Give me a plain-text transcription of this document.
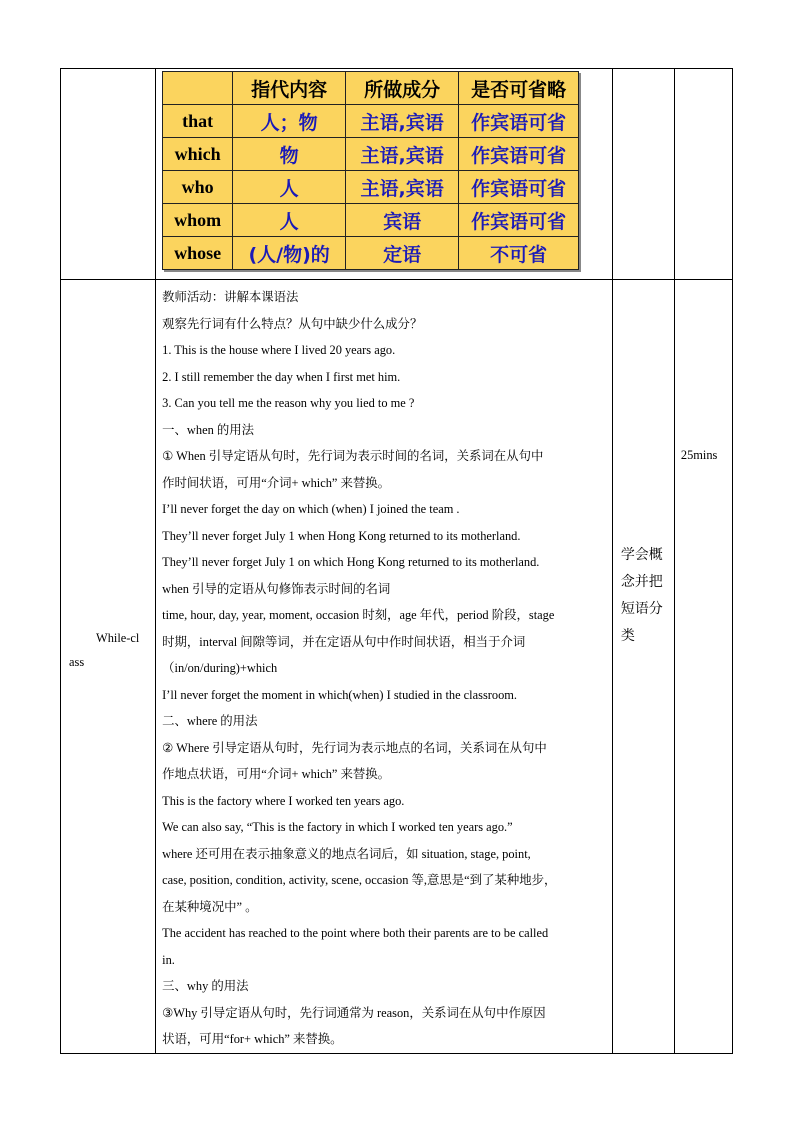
	指代内容	所做成分	是否可省略
that	人；物	主语,宾语	作宾语可省
which	物	主语,宾语	作宾语可省
who	人	主语,宾语	作宾语可省
whom	人	宾语	作宾语可省
whose	(人/物)的	定语	不可省

While-cl
ass

教师活动：讲解本课语法
观察先行词有什么特点？从句中缺少什么成分？
1. This is the house where I lived 20 years ago.
2. I still remember the day when I first met him.
3. Can you tell me the reason why you lied to me ?
一、when 的用法
① When 引导定语从句时，先行词为表示时间的名词，关系词在从句中
作时间状语，可用“介词+ which” 来替换。
I’ll never forget the day on which (when) I joined the team .
They’ll never forget July 1 when Hong Kong returned to its motherland.
They’ll never forget July 1 on which Hong Kong returned to its motherland.
when 引导的定语从句修饰表示时间的名词
time, hour, day, year, moment, occasion 时刻，age 年代，period 阶段，stage
时期，interval 间隙等词，并在定语从句中作时间状语，相当于介词
（in/on/during)+which
I’ll never forget the moment in which(when) I studied in the classroom.
二、where 的用法
② Where 引导定语从句时，先行词为表示地点的名词，关系词在从句中
作地点状语，可用“介词+ which” 来替换。
This is the factory where I worked ten years ago.
We can also say, “This is the factory in which I worked ten years ago.”
where 还可用在表示抽象意义的地点名词后，如 situation, stage, point,
case, position, condition, activity, scene, occasion 等,意思是“到了某种地步，
在某种境况中” 。
The accident has reached to the point where both their parents are to be called
in.
三、why 的用法
③Why 引导定语从句时，先行词通常为 reason，关系词在从句中作原因
状语，可用“for+ which” 来替换。

学会概念并把短语分类

25mins
